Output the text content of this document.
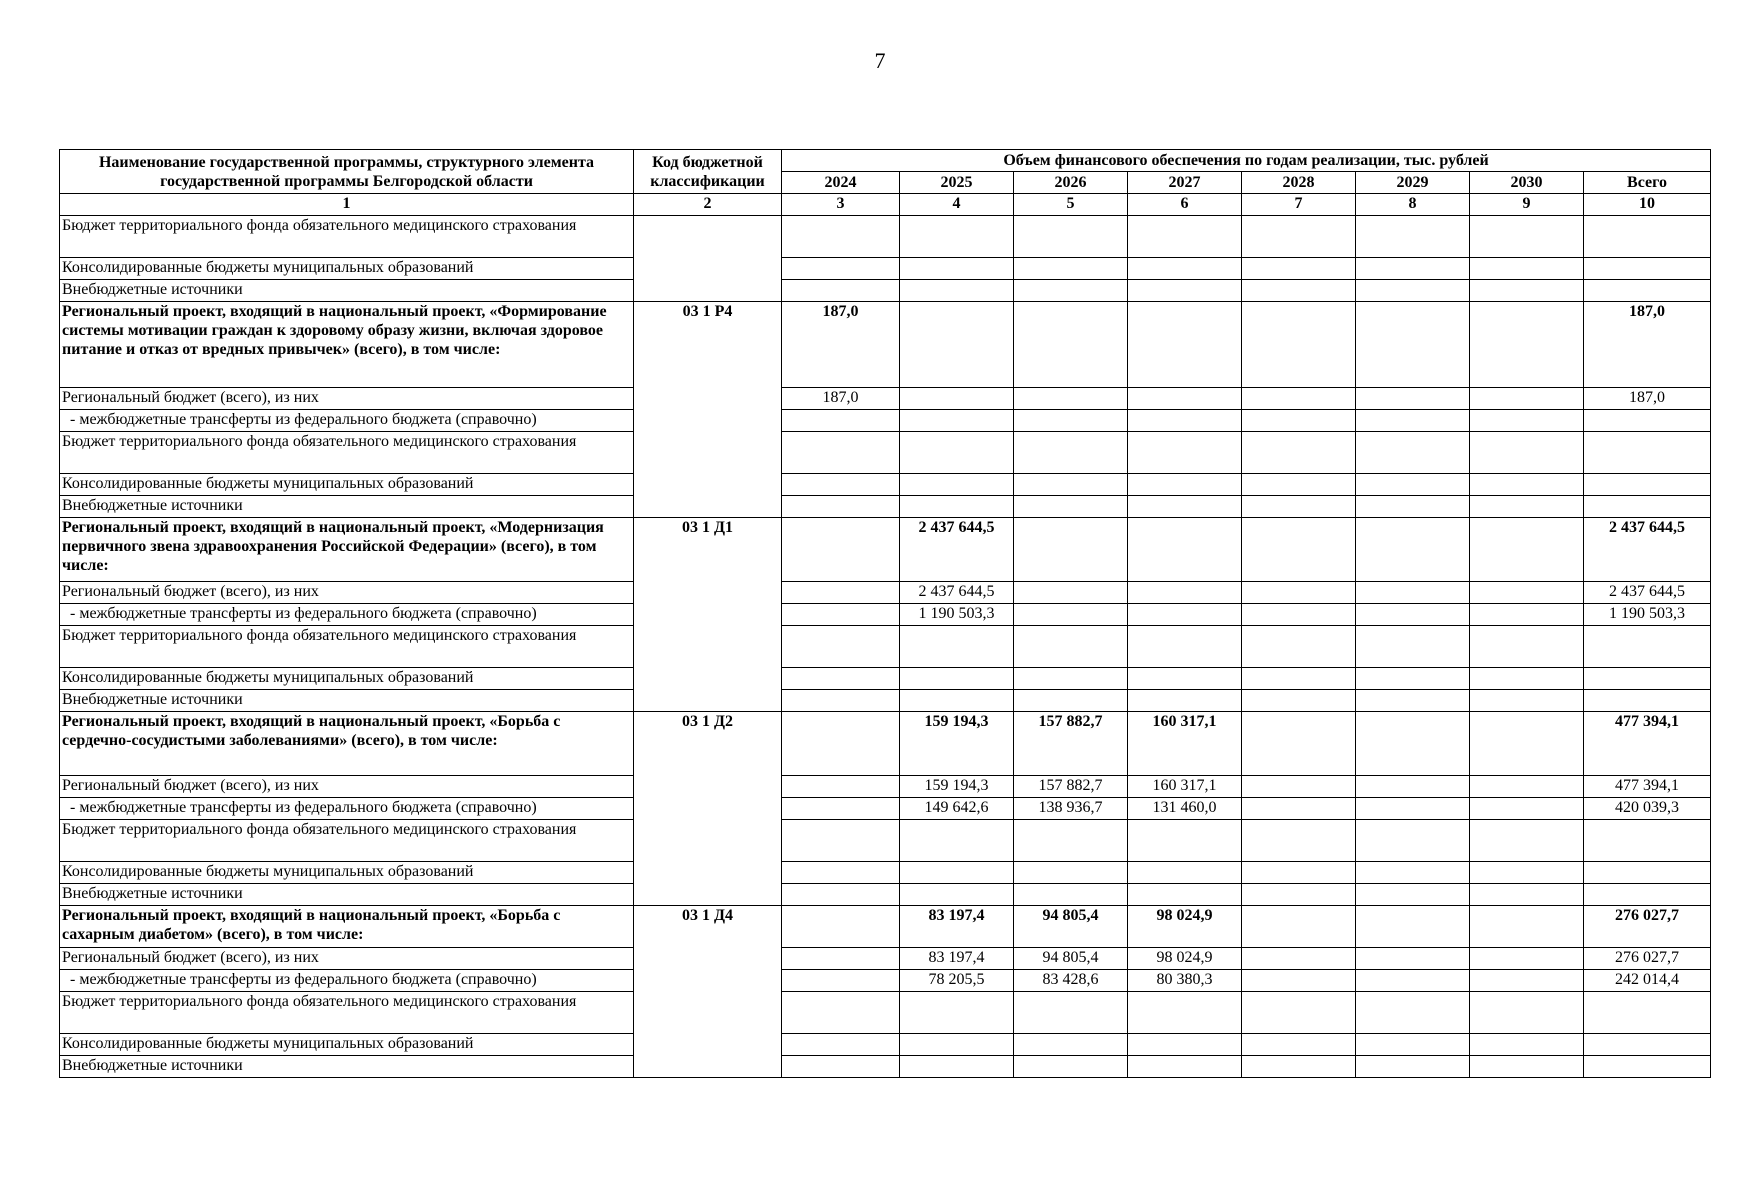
7
Наименование государственной программы, структурного элемента государственной программы Белгородской области	Код бюджетной классификации	Объем финансового обеспечения по годам реализации, тыс. рублей							
		2024	2025	2026	2027	2028	2029	2030	Всего
1	2	3	4	5	6	7	8	9	10
Бюджет территориального фонда обязательного медицинского страхования									
Консолидированные бюджеты муниципальных образований									
Внебюджетные источники									
Региональный проект, входящий в национальный проект, «Формирование системы мотивации граждан к здоровому образу жизни, включая здоровое питание и отказ от вредных привычек» (всего), в том числе:	03 1 Р4	187,0							187,0
Региональный бюджет (всего), из них		187,0							187,0
- межбюджетные трансферты из федерального бюджета (справочно)									
Бюджет территориального фонда обязательного медицинского страхования									
Консолидированные бюджеты муниципальных образований									
Внебюджетные источники									
Региональный проект, входящий в национальный проект, «Модернизация первичного звена здравоохранения Российской Федерации» (всего), в том числе:	03 1 Д1		2 437 644,5						2 437 644,5
Региональный бюджет (всего), из них			2 437 644,5						2 437 644,5
- межбюджетные трансферты из федерального бюджета (справочно)			1 190 503,3						1 190 503,3
Бюджет территориального фонда обязательного медицинского страхования									
Консолидированные бюджеты муниципальных образований									
Внебюджетные источники									
Региональный проект, входящий в национальный проект, «Борьба с сердечно-сосудистыми заболеваниями» (всего), в том числе:	03 1 Д2		159 194,3	157 882,7	160 317,1				477 394,1
Региональный бюджет (всего), из них			159 194,3	157 882,7	160 317,1				477 394,1
- межбюджетные трансферты из федерального бюджета (справочно)			149 642,6	138 936,7	131 460,0				420 039,3
Бюджет территориального фонда обязательного медицинского страхования									
Консолидированные бюджеты муниципальных образований									
Внебюджетные источники									
Региональный проект, входящий в национальный проект, «Борьба с сахарным диабетом» (всего), в том числе:	03 1 Д4		83 197,4	94 805,4	98 024,9				276 027,7
Региональный бюджет (всего), из них			83 197,4	94 805,4	98 024,9				276 027,7
- межбюджетные трансферты из федерального бюджета (справочно)			78 205,5	83 428,6	80 380,3				242 014,4
Бюджет территориального фонда обязательного медицинского страхования									
Консолидированные бюджеты муниципальных образований									
Внебюджетные источники									
